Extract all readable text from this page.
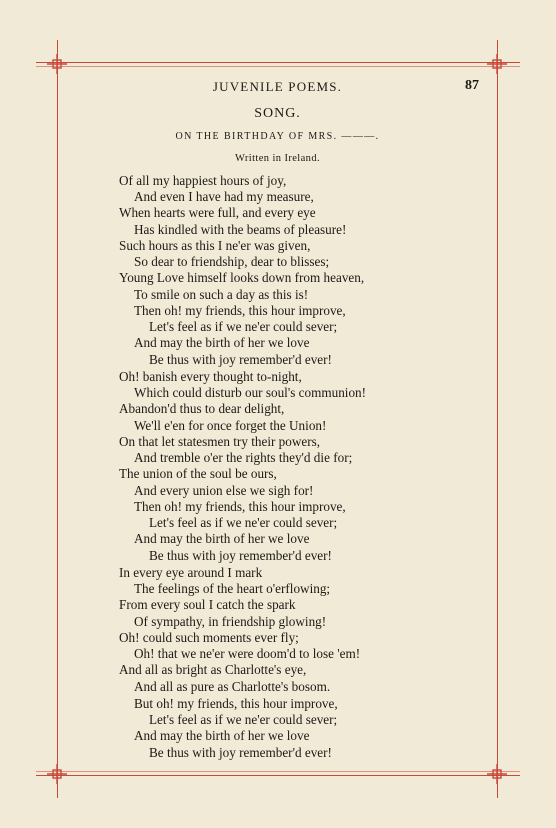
JUVENILE POEMS.	87
SONG.
ON THE BIRTHDAY OF MRS. ———.
Written in Ireland.
Of all my happiest hours of joy,
And even I have had my measure,
When hearts were full, and every eye
Has kindled with the beams of pleasure!
Such hours as this I ne'er was given,
So dear to friendship, dear to blisses;
Young Love himself looks down from heaven,
To smile on such a day as this is!
Then oh! my friends, this hour improve,
Let's feel as if we ne'er could sever;
And may the birth of her we love
Be thus with joy remember'd ever!
Oh! banish every thought to-night,
Which could disturb our soul's communion!
Abandon'd thus to dear delight,
We'll e'en for once forget the Union!
On that let statesmen try their powers,
And tremble o'er the rights they'd die for;
The union of the soul be ours,
And every union else we sigh for!
Then oh! my friends, this hour improve,
Let's feel as if we ne'er could sever;
And may the birth of her we love
Be thus with joy remember'd ever!
In every eye around I mark
The feelings of the heart o'erflowing;
From every soul I catch the spark
Of sympathy, in friendship glowing!
Oh! could such moments ever fly;
Oh! that we ne'er were doom'd to lose 'em!
And all as bright as Charlotte's eye,
And all as pure as Charlotte's bosom.
But oh! my friends, this hour improve,
Let's feel as if we ne'er could sever;
And may the birth of her we love
Be thus with joy remember'd ever!
